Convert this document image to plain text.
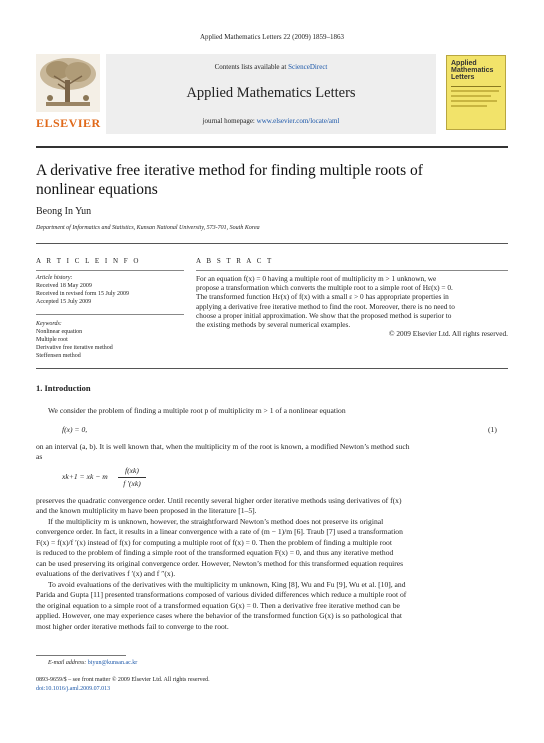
Applied Mathematics Letters 22 (2009) 1859–1863
ELSEVIER
Contents lists available at ScienceDirect
Applied Mathematics Letters
journal homepage: www.elsevier.com/locate/aml
Applied
Mathematics
Letters
A derivative free iterative method for finding multiple roots of
nonlinear equations
Beong In Yun
Department of Informatics and Statistics, Kunsan National University, 573-701, South Korea
A R T I C L E I N F O
Article history:
Received 18 May 2009
Received in revised form 15 July 2009
Accepted 15 July 2009
Keywords:
Nonlinear equation
Multiple root
Derivative free iterative method
Steffensen method
A B S T R A C T
For an equation f(x) = 0 having a multiple root of multiplicity m > 1 unknown, we
propose a transformation which converts the multiple root to a simple root of Hε(x) = 0.
The transformed function Hε(x) of f(x) with a small ε > 0 has appropriate properties in
applying a derivative free iterative method to find the root. Moreover, there is no need to
choose a proper initial approximation. We show that the proposed method is superior to
the existing methods by several numerical examples.
© 2009 Elsevier Ltd. All rights reserved.
1. Introduction
We consider the problem of finding a multiple root p of multiplicity m > 1 of a nonlinear equation
f(x) = 0,	(1)
on an interval (a, b). It is well known that, when the multiplicity m of the root is known, a modified Newton’s method such
as
xk+1 = xk − m
f(xk)
f ′(xk)
preserves the quadratic convergence order. Until recently several higher order iterative methods using derivatives of f(x)
and the known multiplicity m have been proposed in the literature [1–5].
If the multiplicity m is unknown, however, the straightforward Newton’s method does not preserve its original
convergence order. In fact, it results in a linear convergence with a rate of (m − 1)/m [6]. Traub [7] used a transformation
F(x) = f(x)/f ′(x) instead of f(x) for computing a multiple root of f(x) = 0. Then the problem of finding a multiple root
is reduced to the problem of finding a simple root of the transformed equation F(x) = 0, and thus any iterative method
can be used preserving its original convergence order. However, Newton’s method for this transformed equation requires
evaluations of the derivatives f ′(x) and f ″(x).
To avoid evaluations of the derivatives with the multiplicity m unknown, King [8], Wu and Fu [9], Wu et al. [10], and
Parida and Gupta [11] presented transformations composed of various divided differences which reduce a multiple root of
the original equation to a simple root of a transformed equation G(x) = 0. Then a derivative free iterative method can be
applied. However, one may experience cases where the behavior of the transformed function G(x) is so pathological that
most higher order iterative methods fail to converge to the root.
E-mail address: biyun@kunsan.ac.kr
0893-9659/$ – see front matter © 2009 Elsevier Ltd. All rights reserved.
doi:10.1016/j.aml.2009.07.013
